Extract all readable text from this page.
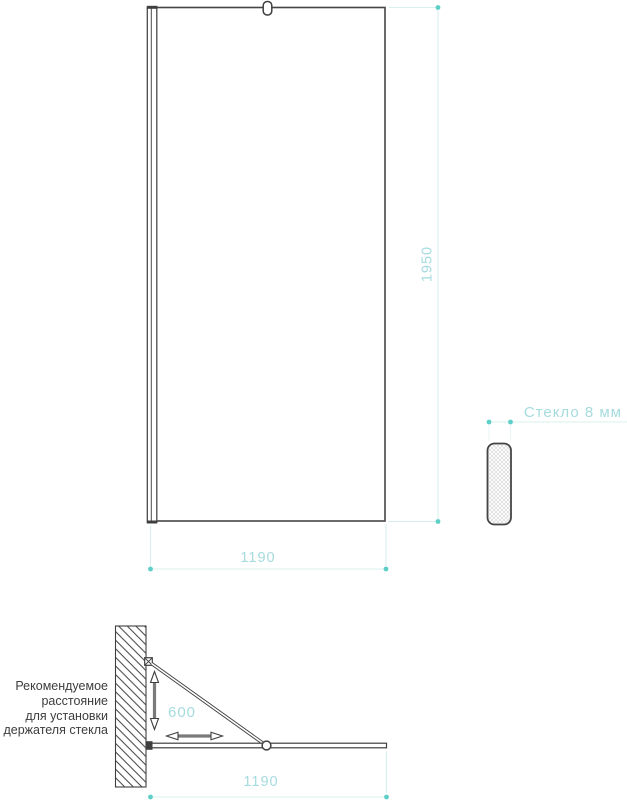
1950
1190
Стекло 8 мм
600
1190
Рекомендуемое
расстояние
для установки
держателя стекла
